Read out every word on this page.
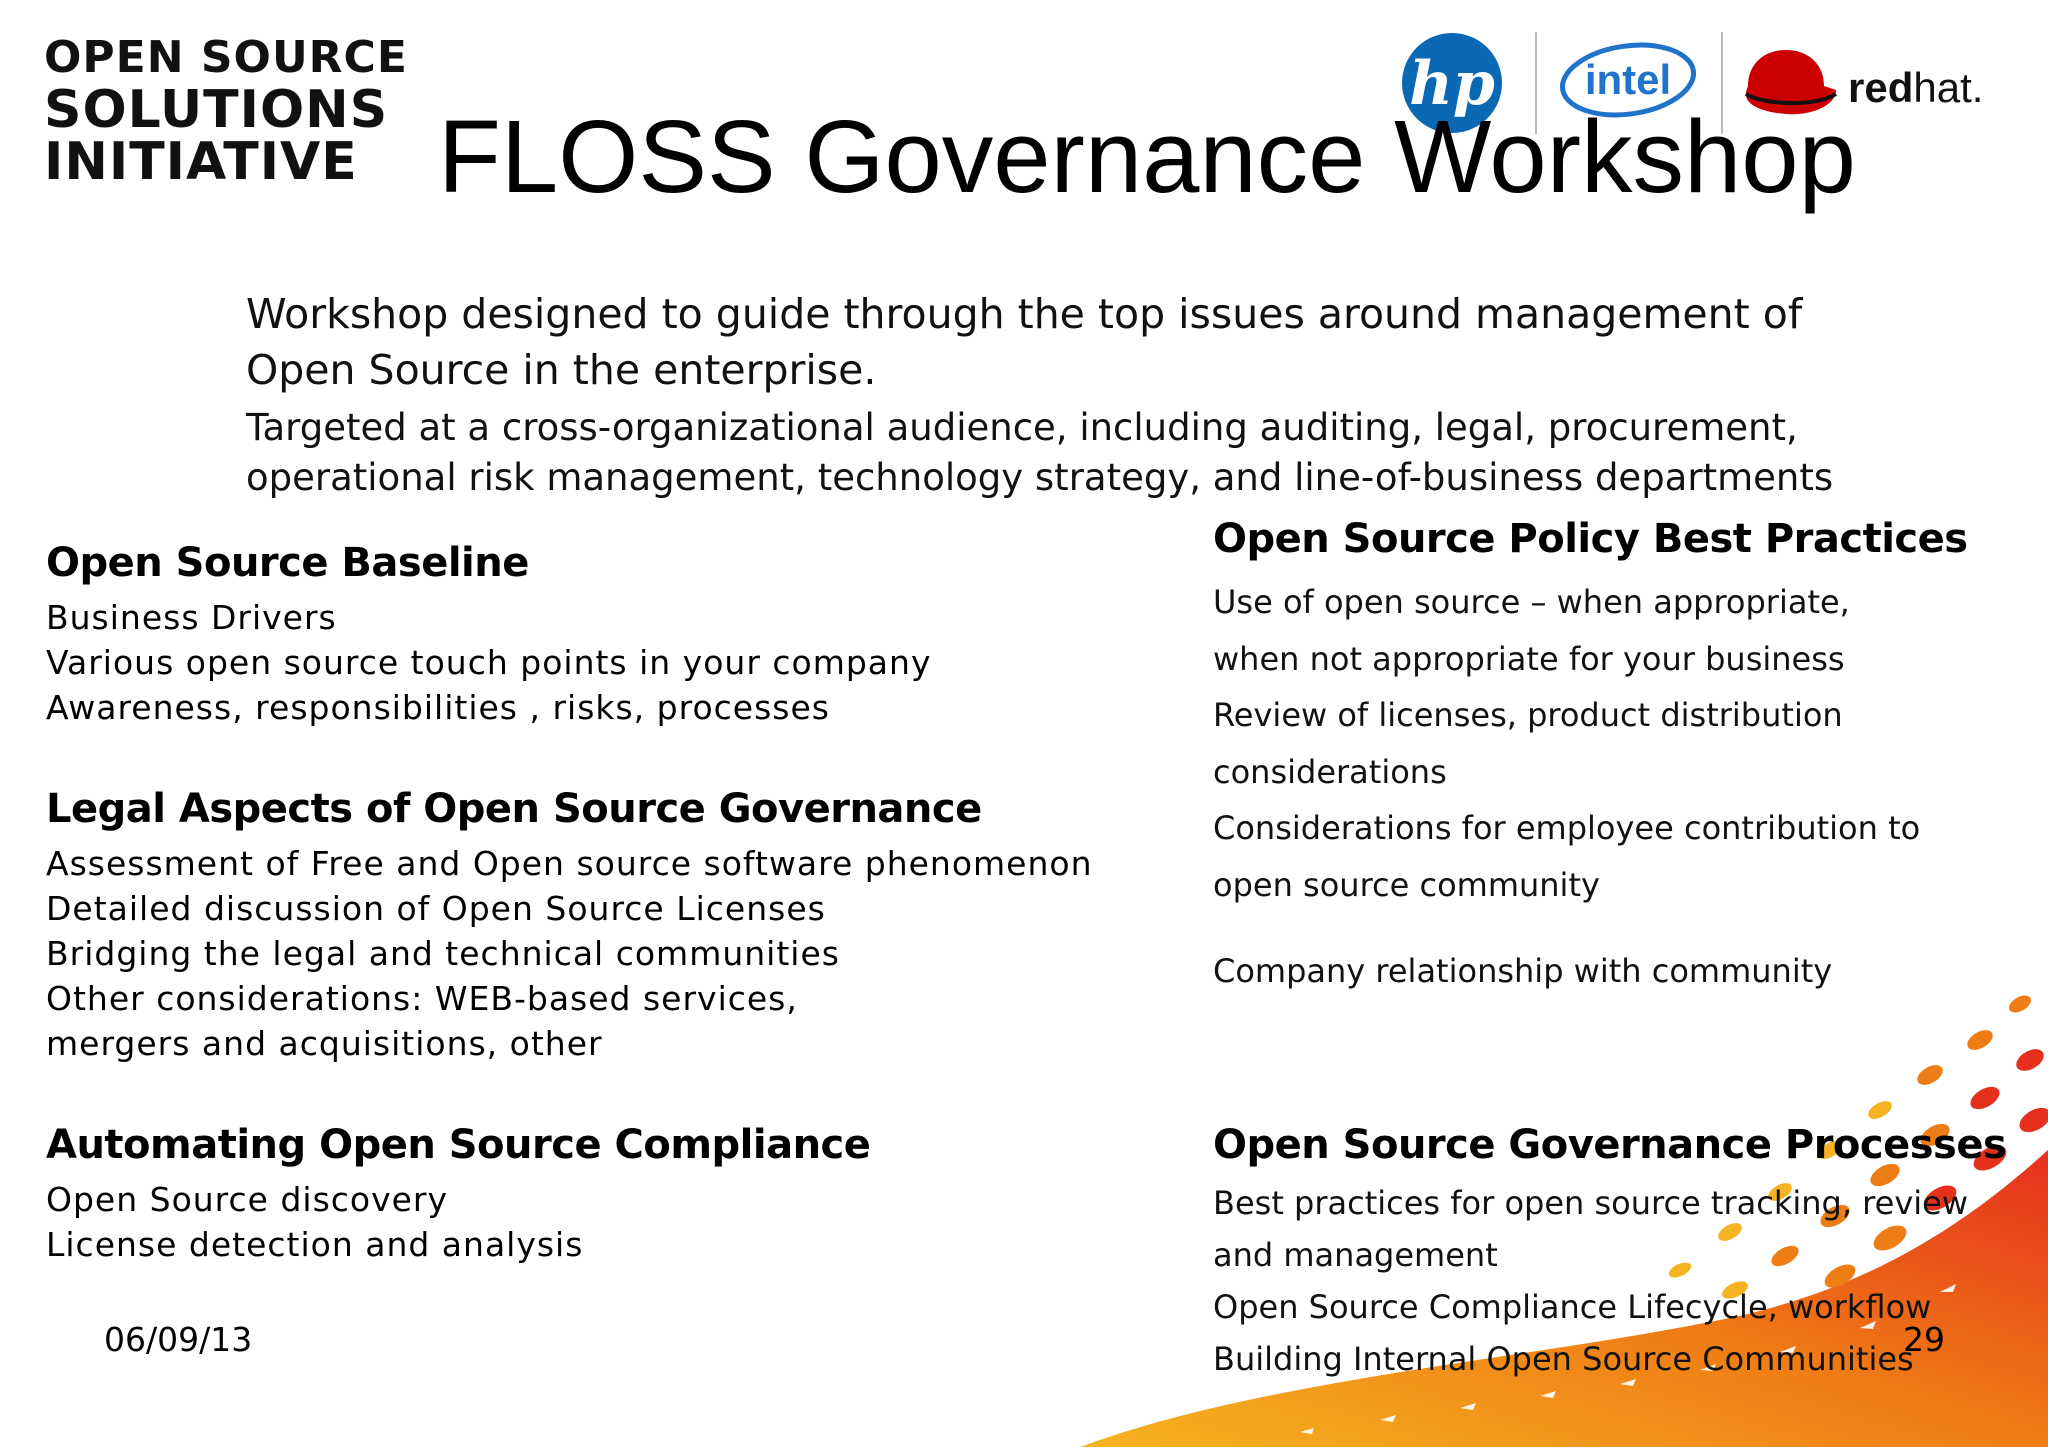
OPEN SOURCE
SOLUTIONS
INITIATIVE
hp intel	redhat.
FLOSS Governance Workshop
Workshop designed to guide through the top issues around management of
Open Source in the enterprise.
Targeted at a cross-organizational audience, including auditing, legal, procurement,
operational risk management, technology strategy, and line-of-business departments
Open Source Baseline
Business Drivers
Various open source touch points in your company
Awareness, responsibilities , risks, processes
Legal Aspects of Open Source Governance
Assessment of Free and Open source software phenomenon
Detailed discussion of Open Source Licenses
Bridging the legal and technical communities
Other considerations: WEB-based services,
mergers and acquisitions, other
Automating Open Source Compliance
Open Source discovery
License detection and analysis
Open Source Policy Best Practices
Use of open source – when appropriate,
when not appropriate for your business
Review of licenses, product distribution
considerations
Considerations for employee contribution to
open source community
Company relationship with community
Open Source Governance Processes
Best practices for open source tracking, review
and management
Open Source Compliance Lifecycle, workflow
Building Internal Open Source Communities
06/09/13	29
